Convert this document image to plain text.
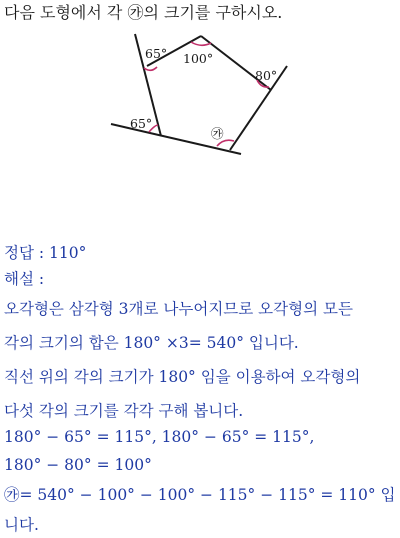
다음 도형에서 각 ㉮의 크기를 구하시오.
65° 100°
80°
65°
㉮
정답 : 110°
해설 :
오각형은 삼각형 3개로 나누어지므로 오각형의 모든
각의 크기의 합은 180° ×3= 540° 입니다.
직선 위의 각의 크기가 180° 임을 이용하여 오각형의
다섯 각의 크기를 각각 구해 봅니다.
180° − 65° = 115°, 180° − 65° = 115°,
180° − 80° = 100°
㉮= 540° − 100° − 100° − 115° − 115° = 110° 입
니다.
